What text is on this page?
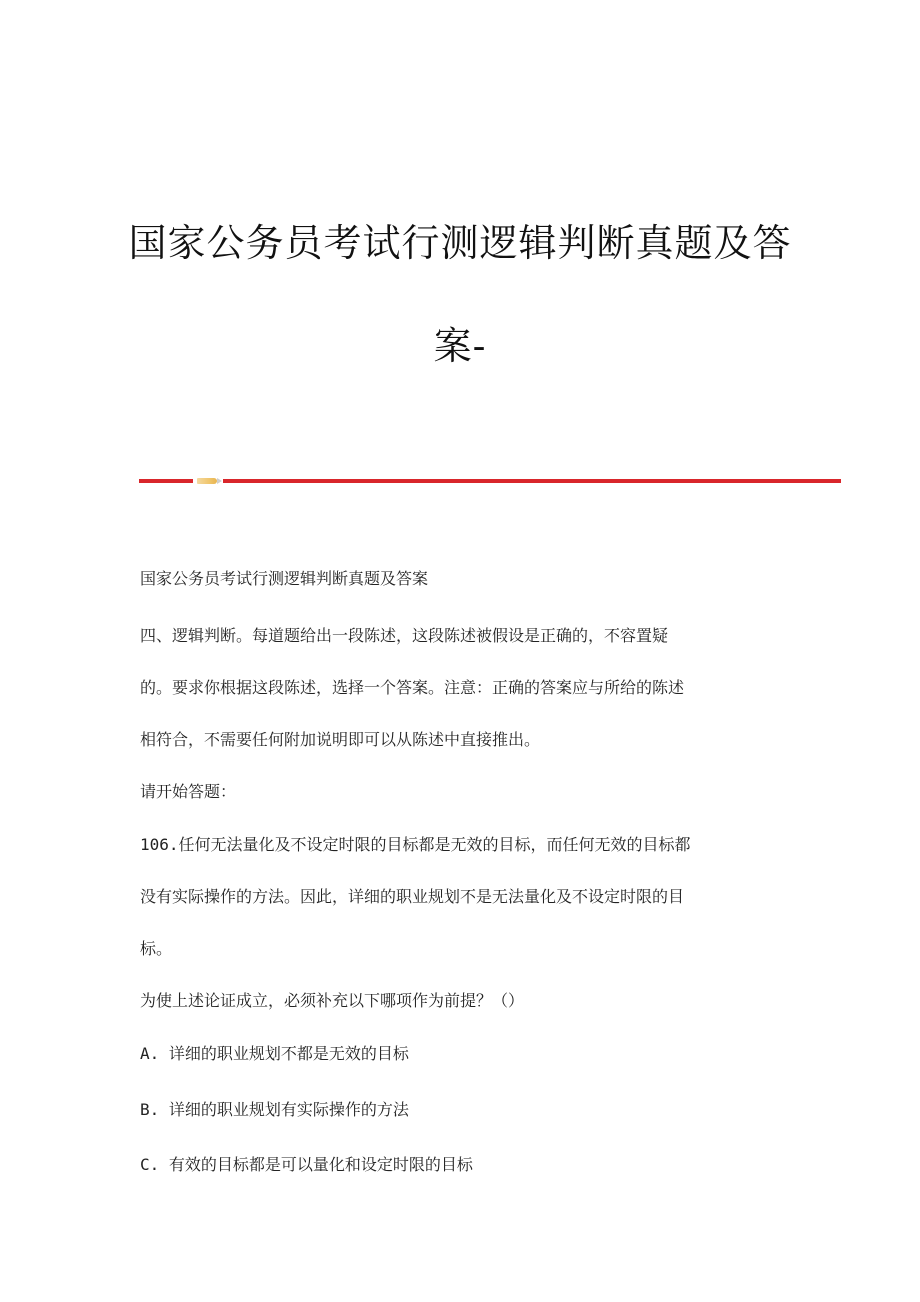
国家公务员考试行测逻辑判断真题及答
案-

国家公务员考试行测逻辑判断真题及答案

四、逻辑判断。每道题给出一段陈述，这段陈述被假设是正确的，不容置疑

的。要求你根据这段陈述，选择一个答案。注意：正确的答案应与所给的陈述

相符合，不需要任何附加说明即可以从陈述中直接推出。

请开始答题：

106.任何无法量化及不设定时限的目标都是无效的目标，而任何无效的目标都

没有实际操作的方法。因此，详细的职业规划不是无法量化及不设定时限的目

标。

为使上述论证成立，必须补充以下哪项作为前提？（）

A. 详细的职业规划不都是无效的目标

B. 详细的职业规划有实际操作的方法

C. 有效的目标都是可以量化和设定时限的目标
